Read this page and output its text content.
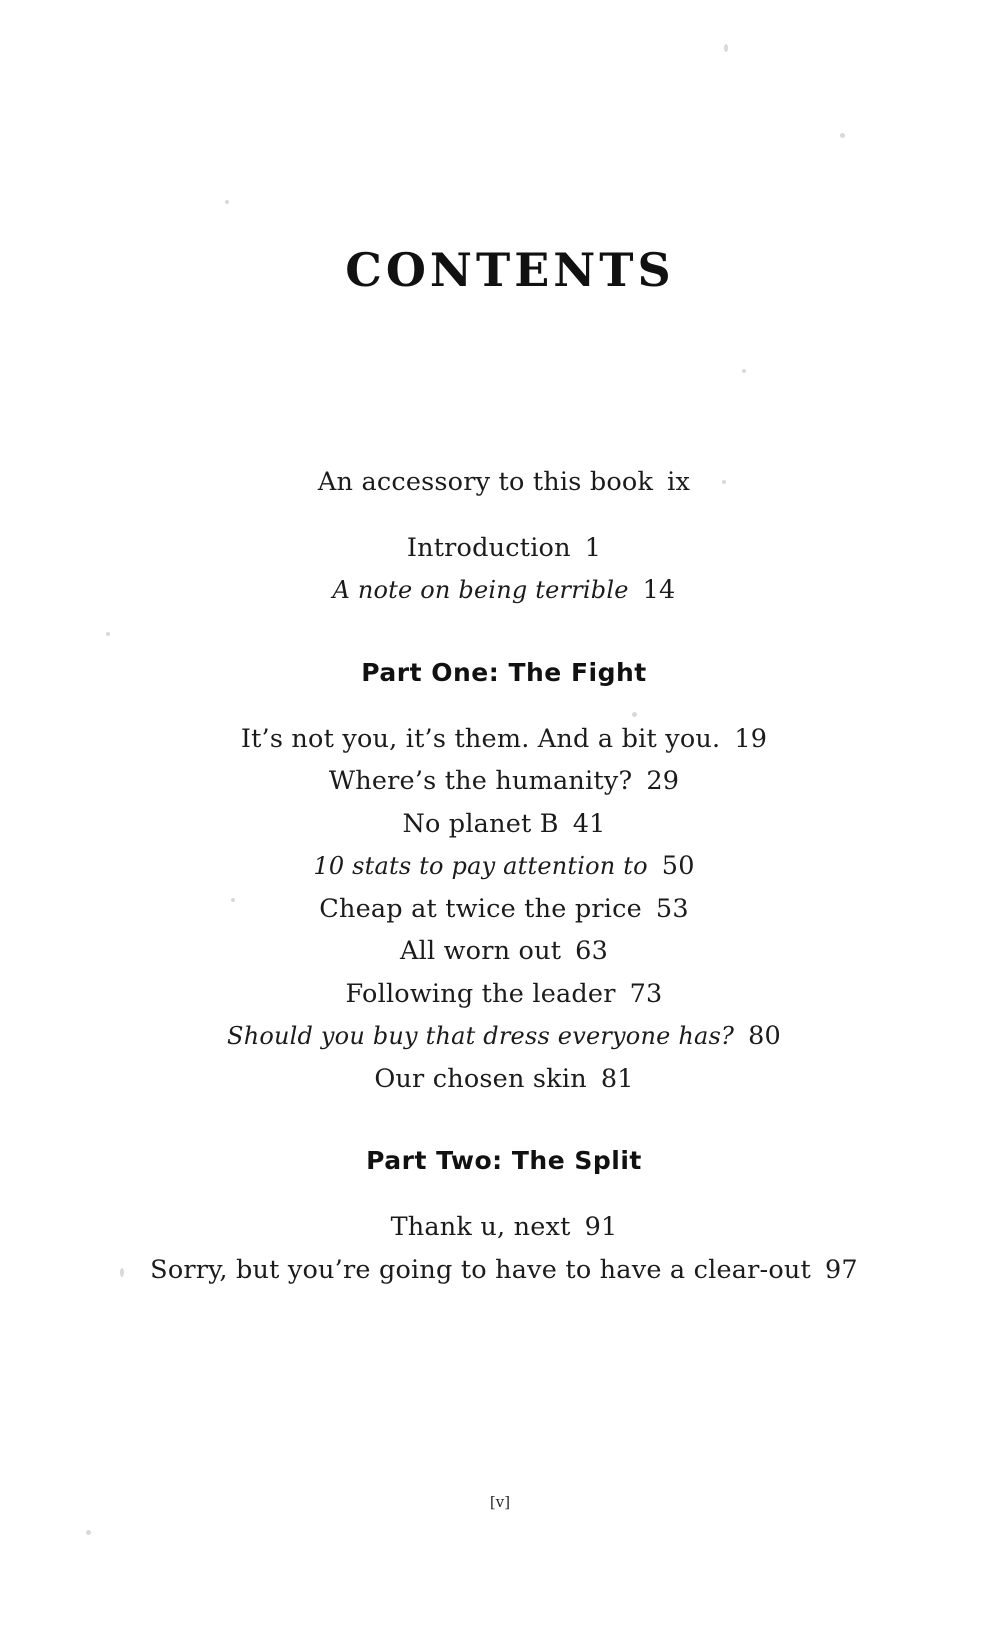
CONTENTS
An accessory to this book ix
Introduction 1
A note on being terrible 14
Part One: The Fight
It’s not you, it’s them. And a bit you. 19
Where’s the humanity? 29
No planet B 41
10 stats to pay attention to 50
Cheap at twice the price 53
All worn out 63
Following the leader 73
Should you buy that dress everyone has? 80
Our chosen skin 81
Part Two: The Split
Thank u, next 91
Sorry, but you’re going to have to have a clear-out 97
[v]
